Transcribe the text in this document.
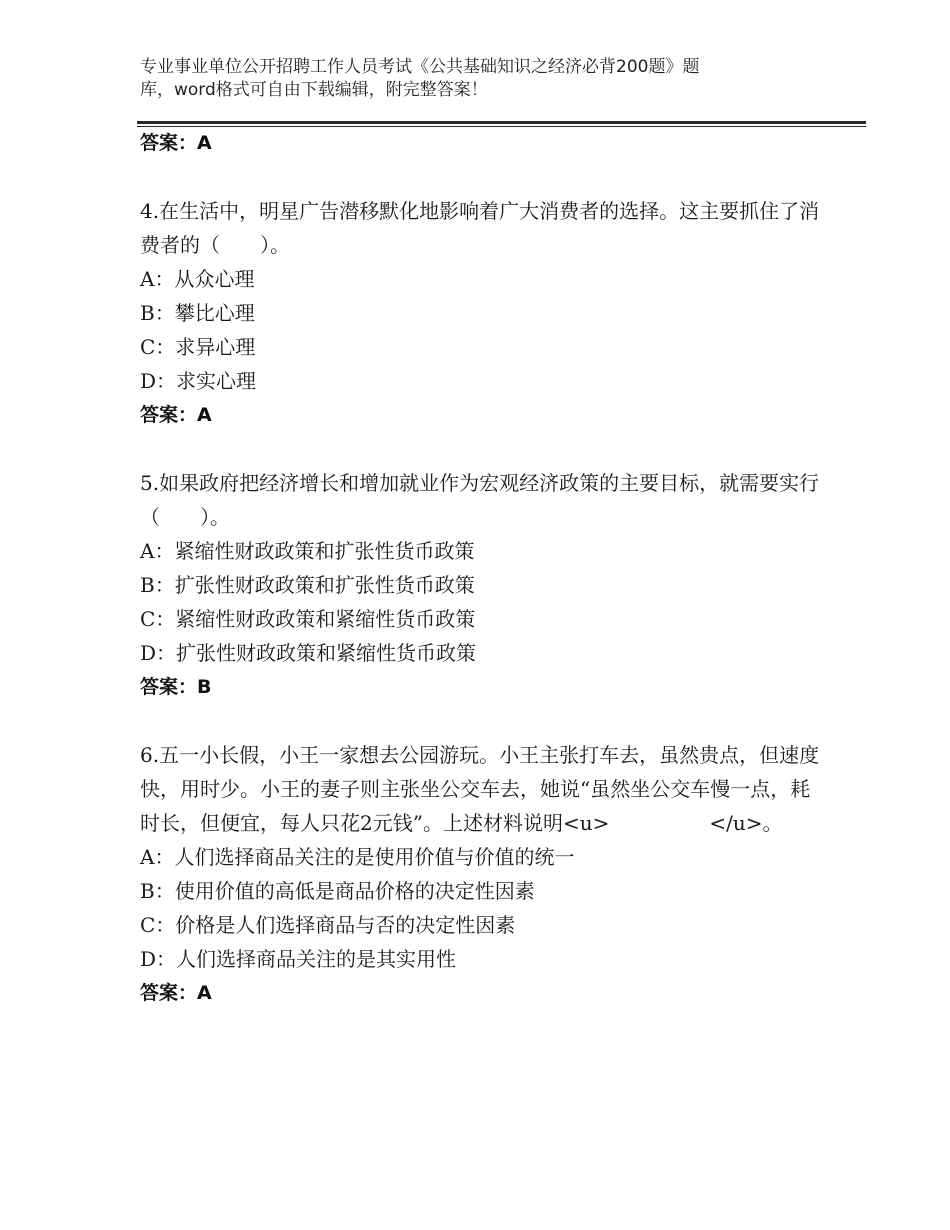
专业事业单位公开招聘工作人员考试《公共基础知识之经济必背200题》题
库，word格式可自由下载编辑，附完整答案！
答案：A
4.在生活中，明星广告潜移默化地影响着广大消费者的选择。这主要抓住了消费者的（　　）。
A：从众心理
B：攀比心理
C：求异心理
D：求实心理
答案：A
5.如果政府把经济增长和增加就业作为宏观经济政策的主要目标，就需要实行（　　）。
A：紧缩性财政政策和扩张性货币政策
B：扩张性财政政策和扩张性货币政策
C：紧缩性财政政策和紧缩性货币政策
D：扩张性财政政策和紧缩性货币政策
答案：B
6.五一小长假，小王一家想去公园游玩。小王主张打车去，虽然贵点，但速度快，用时少。小王的妻子则主张坐公交车去，她说“虽然坐公交车慢一点，耗时长，但便宜，每人只花2元钱”。上述材料说明<u>　　　　　</u>。
A：人们选择商品关注的是使用价值与价值的统一
B：使用价值的高低是商品价格的决定性因素
C：价格是人们选择商品与否的决定性因素
D：人们选择商品关注的是其实用性
答案：A
